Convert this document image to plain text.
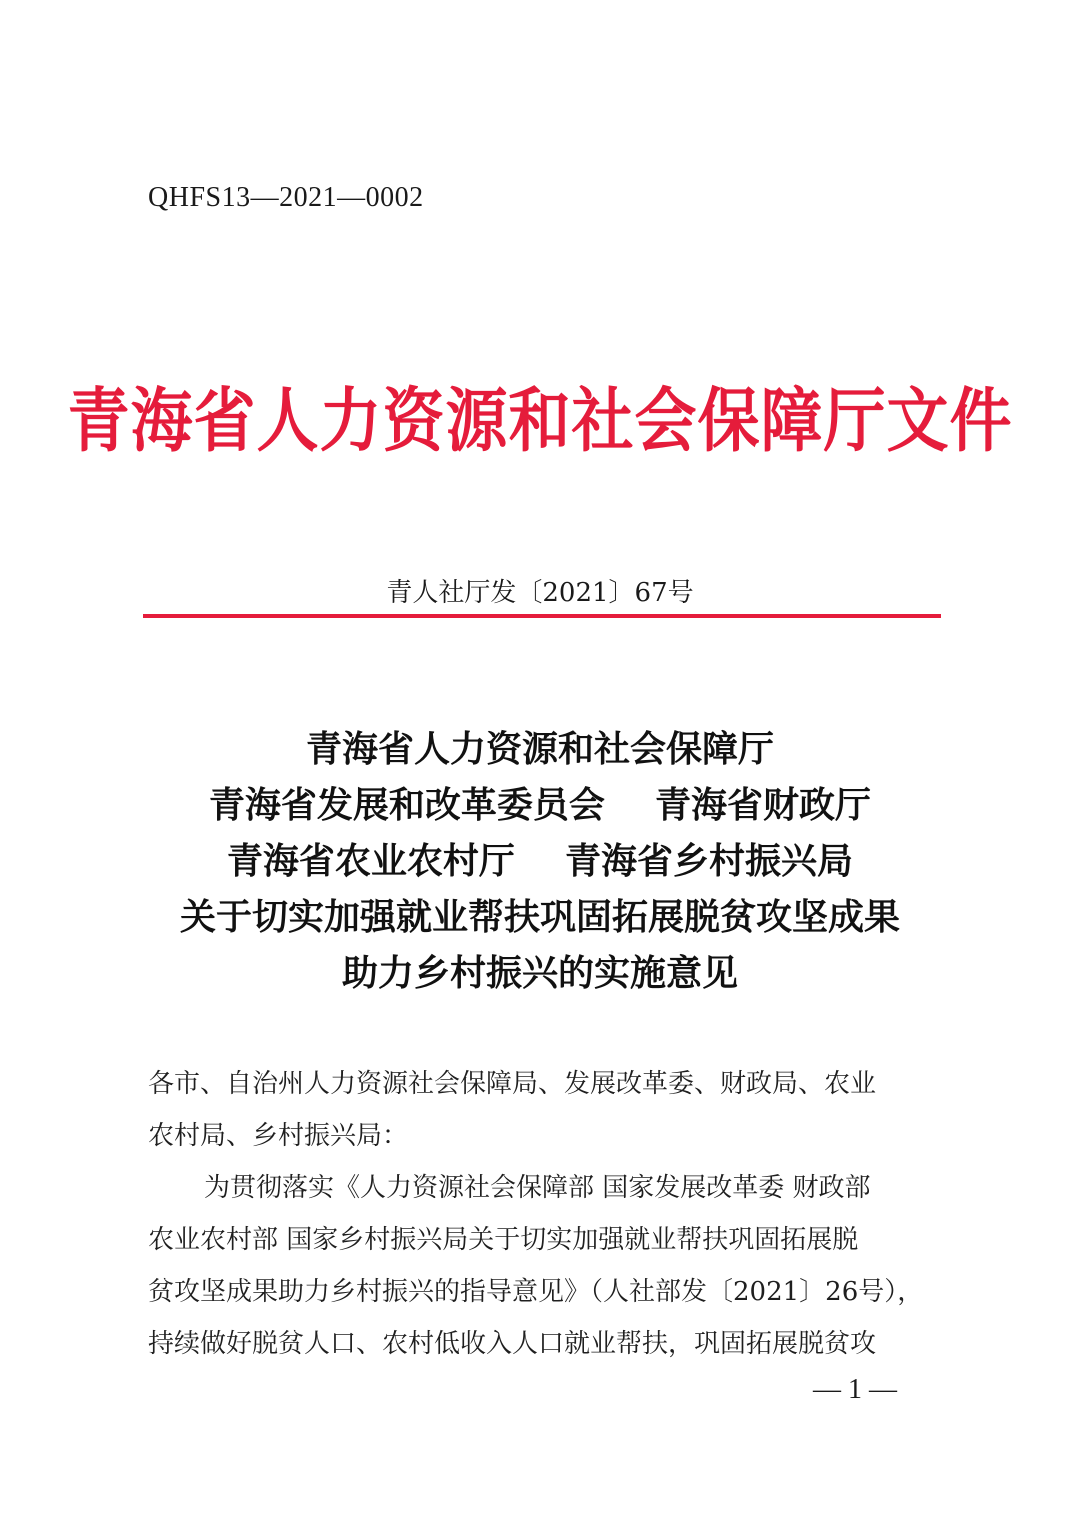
QHFS13—2021—0002
青海省人力资源和社会保障厅文件
青人社厅发〔2021〕67号
青海省人力资源和社会保障厅
青海省发展和改革委员会    青海省财政厅
青海省农业农村厅    青海省乡村振兴局
关于切实加强就业帮扶巩固拓展脱贫攻坚成果
助力乡村振兴的实施意见
各市、自治州人力资源社会保障局、发展改革委、财政局、农业
农村局、乡村振兴局：
为贯彻落实《人力资源社会保障部 国家发展改革委 财政部
农业农村部 国家乡村振兴局关于切实加强就业帮扶巩固拓展脱
贫攻坚成果助力乡村振兴的指导意见》（人社部发〔2021〕26号），
持续做好脱贫人口、农村低收入人口就业帮扶，巩固拓展脱贫攻
— 1 —
